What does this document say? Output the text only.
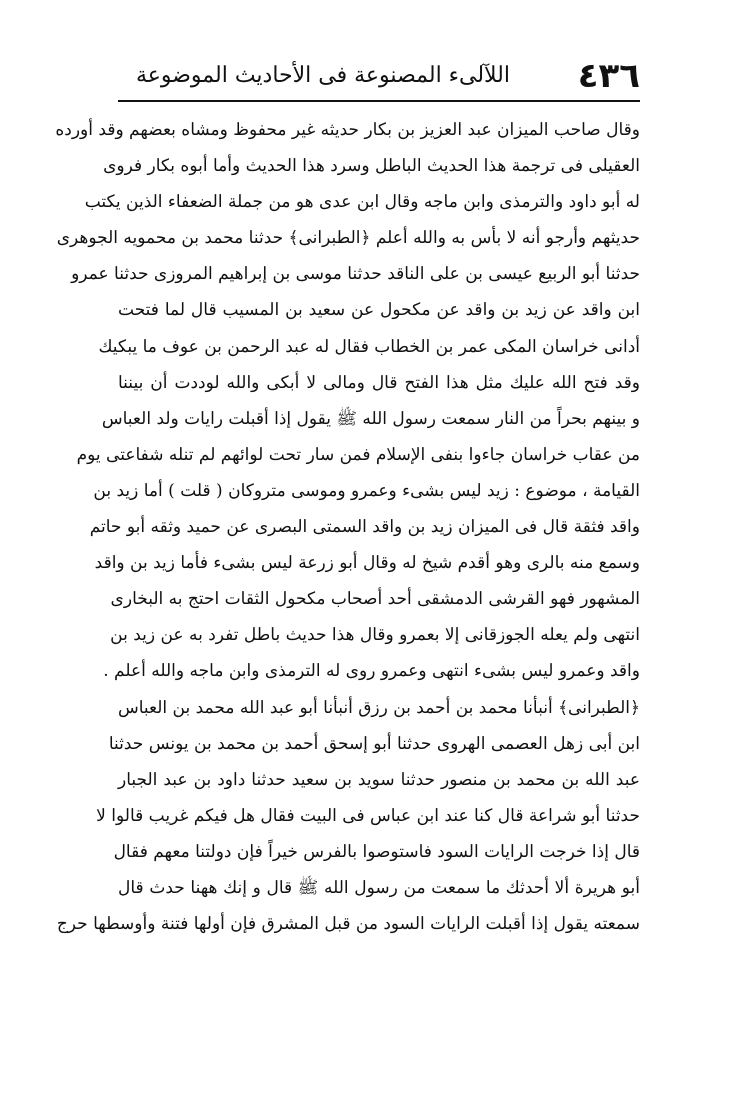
٤٣٦
اللآلىء المصنوعة فى الأحاديث الموضوعة
وقال صاحب الميزان عبد العزيز بن بكار حديثه غير محفوظ ومشاه بعضهم وقد أورده
العقيلى فى ترجمة هذا الحديث الباطل وسرد هذا الحديث وأما أبوه بكار فروى
له أبو داود والترمذى وابن ماجه وقال ابن عدى هو من جملة الضعفاء الذين يكتب
حديثهم وأرجو أنه لا بأس به والله أعلم ﴿الطبرانى﴾ حدثنا محمد بن محمويه الجوهرى
حدثنا أبو الربيع عيسى بن على الناقد حدثنا موسى بن إبراهيم المروزى حدثنا عمرو
ابن واقد عن زيد بن واقد عن مكحول عن سعيد بن المسيب قال لما فتحت
أدانى خراسان المكى عمر بن الخطاب فقال له عبد الرحمن بن عوف ما يبكيك
وقد فتح الله عليك مثل هذا الفتح قال ومالى لا أبكى والله لوددت أن بيننا
و بينهم بحراً من النار سمعت رسول الله ﷺ يقول إذا أقبلت رايات ولد العباس
من عقاب خراسان جاءوا بنفى الإسلام فمن سار تحت لوائهم لم تنله شفاعتى يوم
القيامة ، موضوع : زيد ليس بشىء وعمرو وموسى متروكان ( قلت ) أما زيد بن
واقد فثقة قال فى الميزان زيد بن واقد السمتى البصرى عن حميد وثقه أبو حاتم
وسمع منه بالرى وهو أقدم شيخ له وقال أبو زرعة ليس بشىء فأما زيد بن واقد
المشهور فهو القرشى الدمشقى أحد أصحاب مكحول الثقات احتج به البخارى
انتهى ولم يعله الجوزقانى إلا بعمرو وقال هذا حديث باطل تفرد به عن زيد بن
واقد وعمرو ليس بشىء انتهى وعمرو روى له الترمذى وابن ماجه والله أعلم .
﴿الطبرانى﴾ أنبأنا محمد بن أحمد بن رزق أنبأنا أبو عبد الله محمد بن العباس
ابن أبى زهل العصمى الهروى حدثنا أبو إسحق أحمد بن محمد بن يونس حدثنا
عبد الله بن محمد بن منصور حدثنا سويد بن سعيد حدثنا داود بن عبد الجبار
حدثنا أبو شراعة قال كنا عند ابن عباس فى البيت فقال هل فيكم غريب قالوا لا
قال إذا خرجت الرايات السود فاستوصوا بالفرس خيراً فإن دولتنا معهم فقال
أبو هريرة ألا أحدثك ما سمعت من رسول الله ﷺ قال و إنك ههنا حدث قال
سمعته يقول إذا أقبلت الرايات السود من قبل المشرق فإن أولها فتنة وأوسطها حرج
